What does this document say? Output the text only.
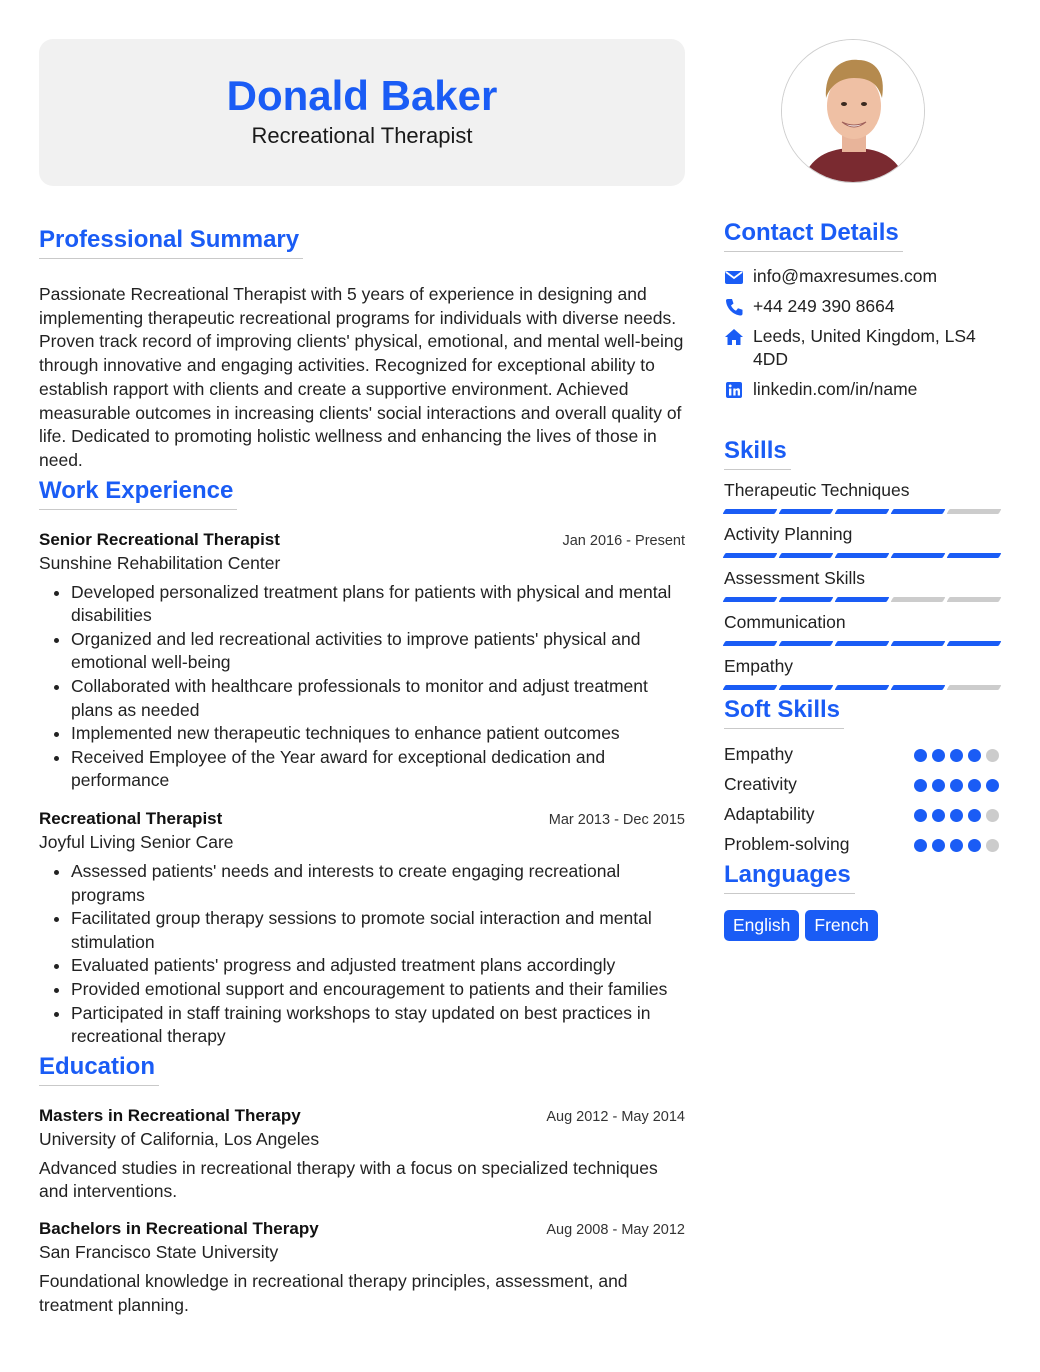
Donald Baker
Recreational Therapist
Professional Summary

Passionate Recreational Therapist with 5 years of experience in designing and implementing therapeutic recreational programs for individuals with diverse needs. Proven track record of improving clients' physical, emotional, and mental well-being through innovative and engaging activities. Recognized for exceptional ability to establish rapport with clients and create a supportive environment. Achieved measurable outcomes in increasing clients' social interactions and overall quality of life. Dedicated to promoting holistic wellness and enhancing the lives of those in need.

Work Experience
Senior Recreational Therapist	Jan 2016 - Present
Sunshine Rehabilitation Center
• Developed personalized treatment plans for patients with physical and mental disabilities
• Organized and led recreational activities to improve patients' physical and emotional well-being
• Collaborated with healthcare professionals to monitor and adjust treatment plans as needed
• Implemented new therapeutic techniques to enhance patient outcomes
• Received Employee of the Year award for exceptional dedication and performance
Recreational Therapist	Mar 2013 - Dec 2015
Joyful Living Senior Care
• Assessed patients' needs and interests to create engaging recreational programs
• Facilitated group therapy sessions to promote social interaction and mental stimulation
• Evaluated patients' progress and adjusted treatment plans accordingly
• Provided emotional support and encouragement to patients and their families
• Participated in staff training workshops to stay updated on best practices in recreational therapy
Education
Masters in Recreational Therapy	Aug 2012 - May 2014
University of California, Los Angeles

Advanced studies in recreational therapy with a focus on specialized techniques and interventions.

Bachelors in Recreational Therapy	Aug 2008 - May 2012
San Francisco State University

Foundational knowledge in recreational therapy principles, assessment, and treatment planning.

Contact Details
info@maxresumes.com
+44 249 390 8664
Leeds, United Kingdom, LS4 4DD
linkedin.com/in/name
Skills
Therapeutic Techniques
Activity Planning
Assessment Skills
Communication
Empathy
Soft Skills
Empathy
Creativity
Adaptability
Problem-solving
Languages
English	French
